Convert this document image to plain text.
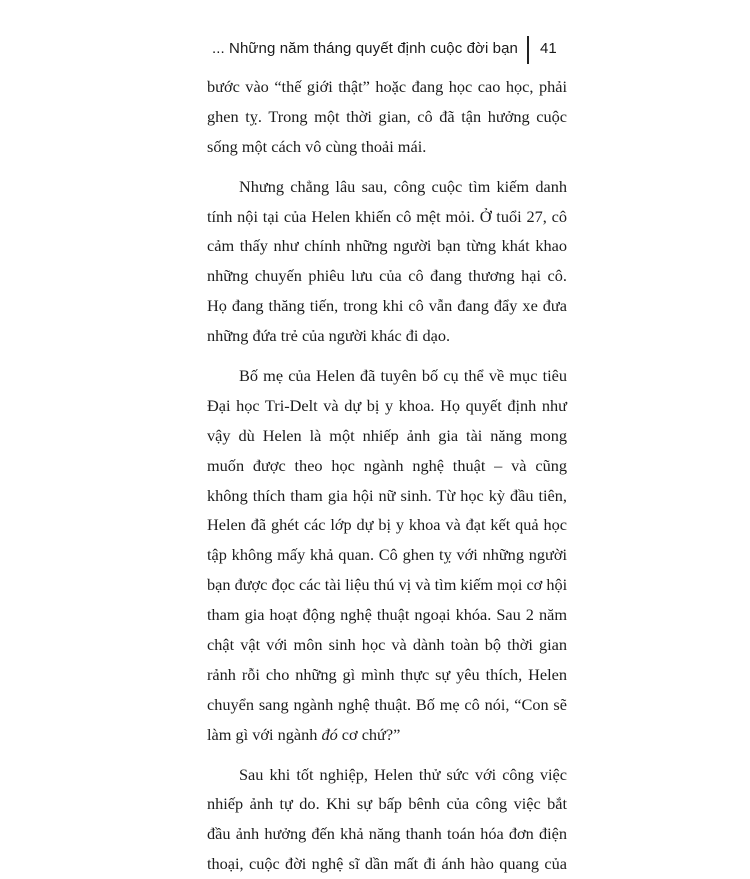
... Những năm tháng quyết định cuộc đời bạn 41
bước vào “thế giới thật” hoặc đang học cao học, phải
ghen tỵ. Trong một thời gian, cô đã tận hưởng cuộc
sống một cách vô cùng thoải mái.
Nhưng chẳng lâu sau, công cuộc tìm kiếm danh
tính nội tại của Helen khiến cô mệt mỏi. Ở tuổi 27, cô
cảm thấy như chính những người bạn từng khát khao
những chuyến phiêu lưu của cô đang thương hại cô.
Họ đang thăng tiến, trong khi cô vẫn đang đẩy xe đưa
những đứa trẻ của người khác đi dạo.
Bố mẹ của Helen đã tuyên bố cụ thể về mục tiêu
Đại học Tri-Delt và dự bị y khoa. Họ quyết định như
vậy dù Helen là một nhiếp ảnh gia tài năng mong
muốn được theo học ngành nghệ thuật – và cũng
không thích tham gia hội nữ sinh. Từ học kỳ đầu tiên,
Helen đã ghét các lớp dự bị y khoa và đạt kết quả học
tập không mấy khả quan. Cô ghen tỵ với những người
bạn được đọc các tài liệu thú vị và tìm kiếm mọi cơ hội
tham gia hoạt động nghệ thuật ngoại khóa. Sau 2 năm
chật vật với môn sinh học và dành toàn bộ thời gian
rảnh rỗi cho những gì mình thực sự yêu thích, Helen
chuyển sang ngành nghệ thuật. Bố mẹ cô nói, “Con sẽ
làm gì với ngành đó cơ chứ?”
Sau khi tốt nghiệp, Helen thử sức với công việc
nhiếp ảnh tự do. Khi sự bấp bênh của công việc bắt
đầu ảnh hưởng đến khả năng thanh toán hóa đơn điện
thoại, cuộc đời nghệ sĩ dần mất đi ánh hào quang của
